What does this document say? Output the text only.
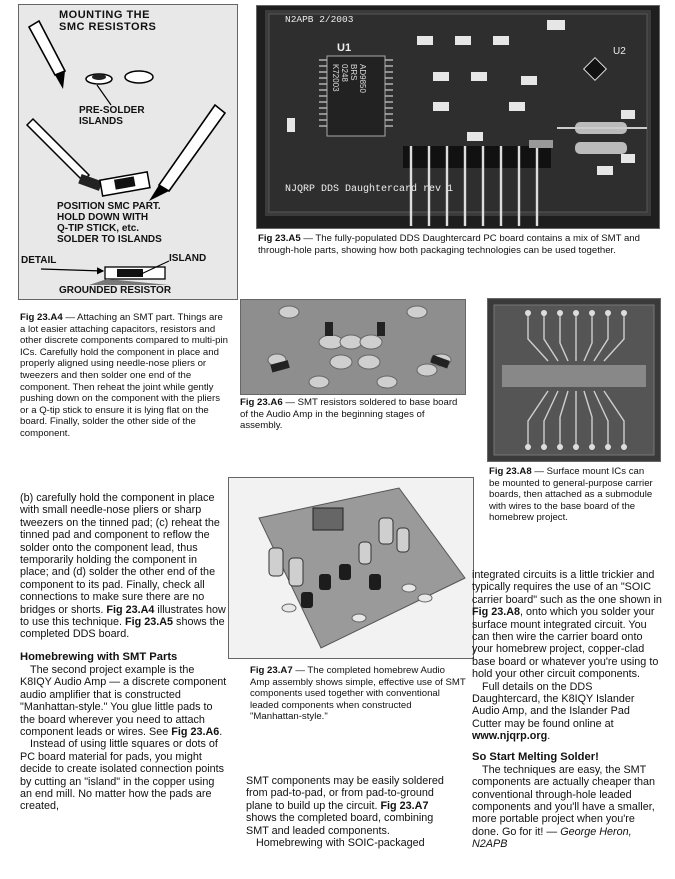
MOUNTING THE
SMC RESISTORS
PRE-SOLDER
ISLANDS
POSITION SMC PART.
HOLD DOWN WITH
Q-TIP STICK, etc.
SOLDER TO ISLANDS
DETAIL	ISLAND
GROUNDED RESISTOR
Fig 23.A4 — Attaching an SMT part. Things are a lot easier attaching capacitors, resistors and other discrete components compared to multi-pin ICs. Carefully hold the component in place and properly aligned using needle-nose pliers or tweezers and then solder one end of the component. Then reheat the joint while gently pushing down on the component with the pliers or a Q-tip stick to ensure it is lying flat on the board. Finally, solder the other side of the component.
N2APB 2/2003
U1	U2
AD9850
BRS
0248
K72003
NJQRP DDS Daughtercard rev 1
Fig 23.A5 — The fully-populated DDS Daughtercard PC board contains a mix of SMT and through-hole parts, showing how both packaging technologies can be used together.
Fig 23.A6 — SMT resistors soldered to base board of the Audio Amp in the beginning stages of assembly.
Fig 23.A8 — Surface mount ICs can be mounted to general-purpose carrier boards, then attached as a submodule with wires to the base board of the homebrew project.
Fig 23.A7 — The completed homebrew Audio Amp assembly shows simple, effective use of SMT components used together with conventional leaded components when constructed "Manhattan-style."

(b) carefully hold the component in place with small needle-nose pliers or sharp tweezers on the tinned pad; (c) reheat the tinned pad and component to reflow the solder onto the component lead, thus temporarily holding the component in place; and (d) solder the other end of the component to its pad. Finally, check all connections to make sure there are no bridges or shorts. Fig 23.A4 illustrates how to use this technique. Fig 23.A5 shows the completed DDS board.

Homebrewing with SMT Parts

The second project example is the K8IQY Audio Amp — a discrete component audio amplifier that is constructed "Manhattan-style." You glue little pads to the board wherever you need to attach component leads or wires. See Fig 23.A6.

Instead of using little squares or dots of PC board material for pads, you might decide to create isolated connection points by cutting an "island" in the copper using an end mill. No matter how the pads are created,

SMT components may be easily soldered from pad-to-pad, or from pad-to-ground plane to build up the circuit. Fig 23.A7 shows the completed board, combining SMT and leaded components.

Homebrewing with SOIC-packaged

integrated circuits is a little trickier and typically requires the use of an "SOIC carrier board" such as the one shown in Fig 23.A8, onto which you solder your surface mount integrated circuit. You can then wire the carrier board onto your homebrew project, copper-clad base board or whatever you're using to hold your other circuit components.

Full details on the DDS Daughtercard, the K8IQY Islander Audio Amp, and the Islander Pad Cutter may be found online at www.njqrp.org.

So Start Melting Solder!

The techniques are easy, the SMT components are actually cheaper than conventional through-hole leaded components and you'll have a smaller, more portable project when you're done. Go for it! — George Heron, N2APB
